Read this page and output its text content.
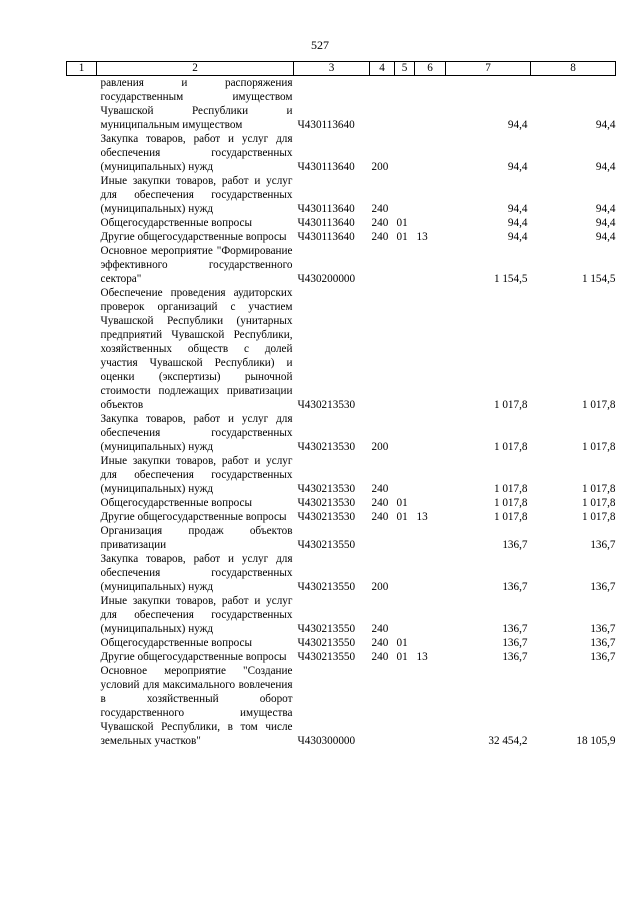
527
1	2	3	4	5	6	7	8
	равления и распоряжения государственным имуществом Чувашской Республики и муниципальным имуществом	Ч430113640				94,4	94,4
	Закупка товаров, работ и услуг для обеспечения государственных (муниципальных) нужд	Ч430113640	200			94,4	94,4
	Иные закупки товаров, работ и услуг для обеспечения государственных (муниципальных) нужд	Ч430113640	240			94,4	94,4
	Общегосударственные вопросы	Ч430113640	240	01		94,4	94,4
	Другие общегосударственные вопросы	Ч430113640	240	01	13	94,4	94,4
	Основное мероприятие "Формирование эффективного государственного сектора"	Ч430200000				1 154,5	1 154,5
	Обеспечение проведения аудиторских проверок организаций с участием Чувашской Республики (унитарных предприятий Чувашской Республики, хозяйственных обществ с долей участия Чувашской Республики) и оценки (экспертизы) рыночной стоимости подлежащих приватизации объектов	Ч430213530				1 017,8	1 017,8
	Закупка товаров, работ и услуг для обеспечения государственных (муниципальных) нужд	Ч430213530	200			1 017,8	1 017,8
	Иные закупки товаров, работ и услуг для обеспечения государственных (муниципальных) нужд	Ч430213530	240			1 017,8	1 017,8
	Общегосударственные вопросы	Ч430213530	240	01		1 017,8	1 017,8
	Другие общегосударственные вопросы	Ч430213530	240	01	13	1 017,8	1 017,8
	Организация продаж объектов приватизации	Ч430213550				136,7	136,7
	Закупка товаров, работ и услуг для обеспечения государственных (муниципальных) нужд	Ч430213550	200			136,7	136,7
	Иные закупки товаров, работ и услуг для обеспечения государственных (муниципальных) нужд	Ч430213550	240			136,7	136,7
	Общегосударственные вопросы	Ч430213550	240	01		136,7	136,7
	Другие общегосударственные вопросы	Ч430213550	240	01	13	136,7	136,7
	Основное мероприятие "Создание условий для максимального вовлечения в хозяйственный оборот государственного имущества Чувашской Республики, в том числе земельных участков"	Ч430300000				32 454,2	18 105,9
